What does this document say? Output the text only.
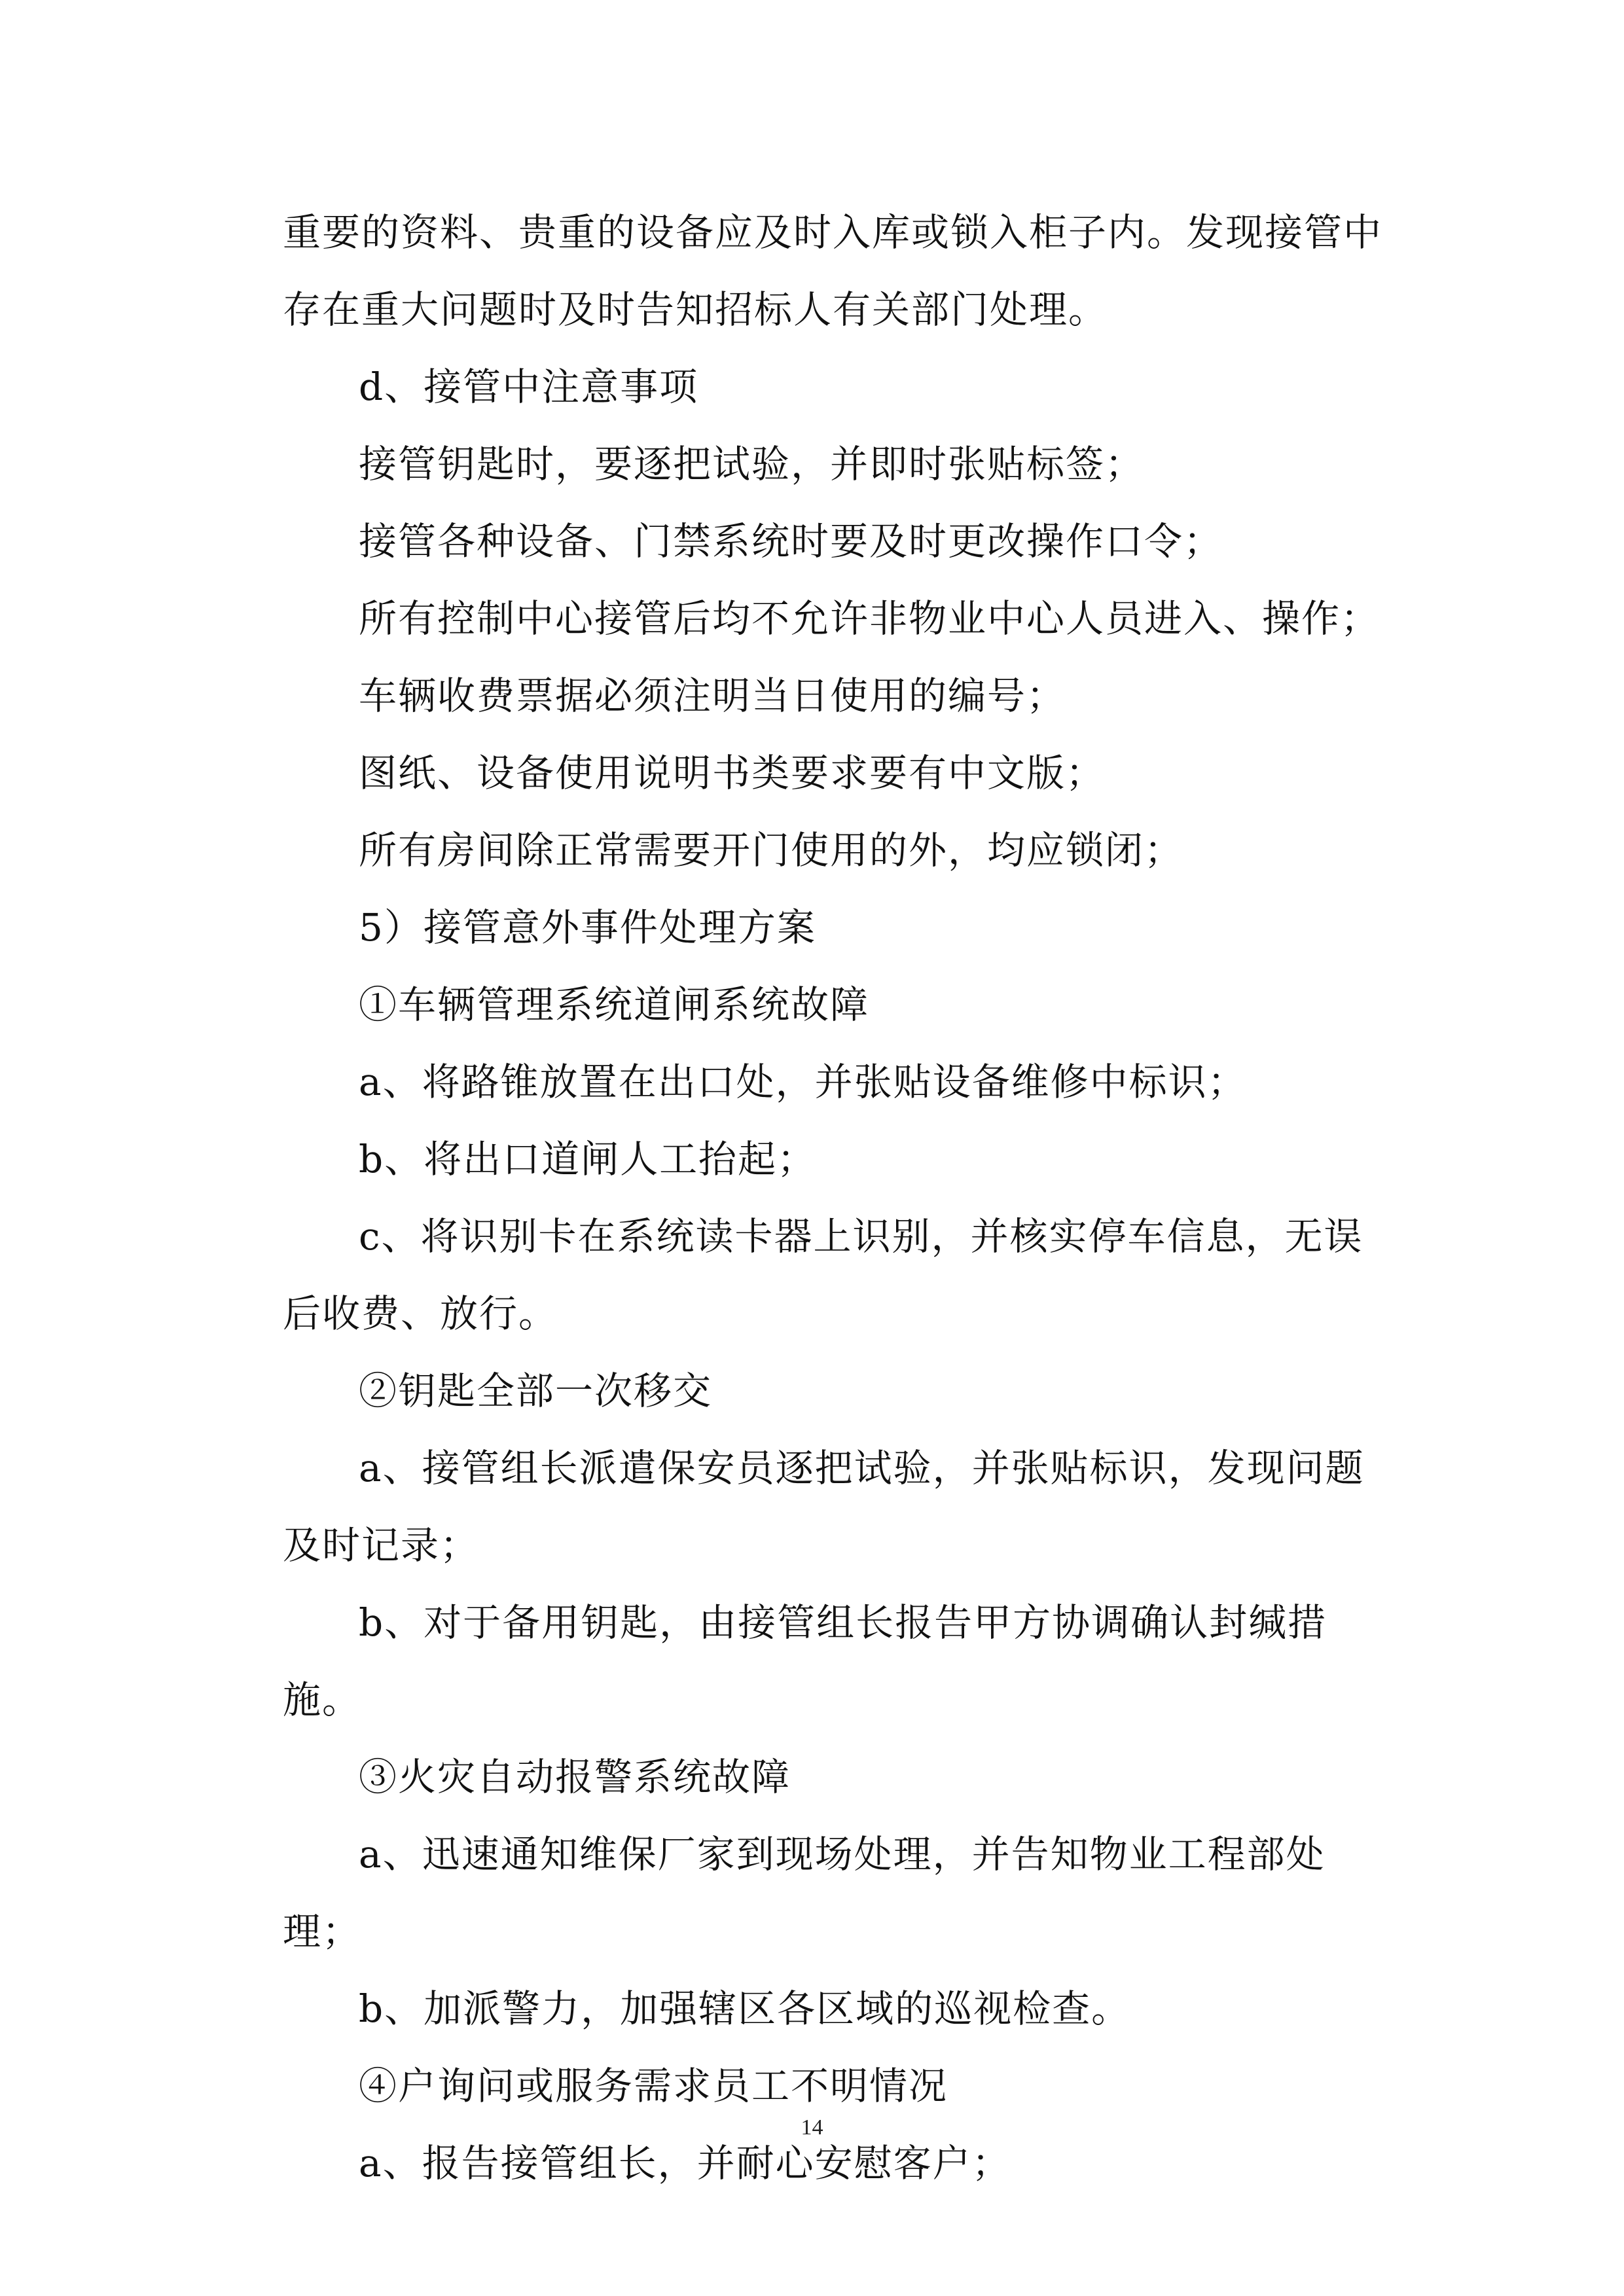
重要的资料、贵重的设备应及时入库或锁入柜子内。发现接管中存在重大问题时及时告知招标人有关部门处理。

d、接管中注意事项

接管钥匙时，要逐把试验，并即时张贴标签；

接管各种设备、门禁系统时要及时更改操作口令；

所有控制中心接管后均不允许非物业中心人员进入、操作；

车辆收费票据必须注明当日使用的编号；

图纸、设备使用说明书类要求要有中文版；

所有房间除正常需要开门使用的外，均应锁闭；

5）接管意外事件处理方案

①车辆管理系统道闸系统故障

a、将路锥放置在出口处，并张贴设备维修中标识；

b、将出口道闸人工抬起；

c、将识别卡在系统读卡器上识别，并核实停车信息，无误后收费、放行。

②钥匙全部一次移交

a、接管组长派遣保安员逐把试验，并张贴标识，发现问题及时记录；

b、对于备用钥匙，由接管组长报告甲方协调确认封缄措施。

③火灾自动报警系统故障

a、迅速通知维保厂家到现场处理，并告知物业工程部处理；

b、加派警力，加强辖区各区域的巡视检查。

④户询问或服务需求员工不明情况

a、报告接管组长，并耐心安慰客户；

14
